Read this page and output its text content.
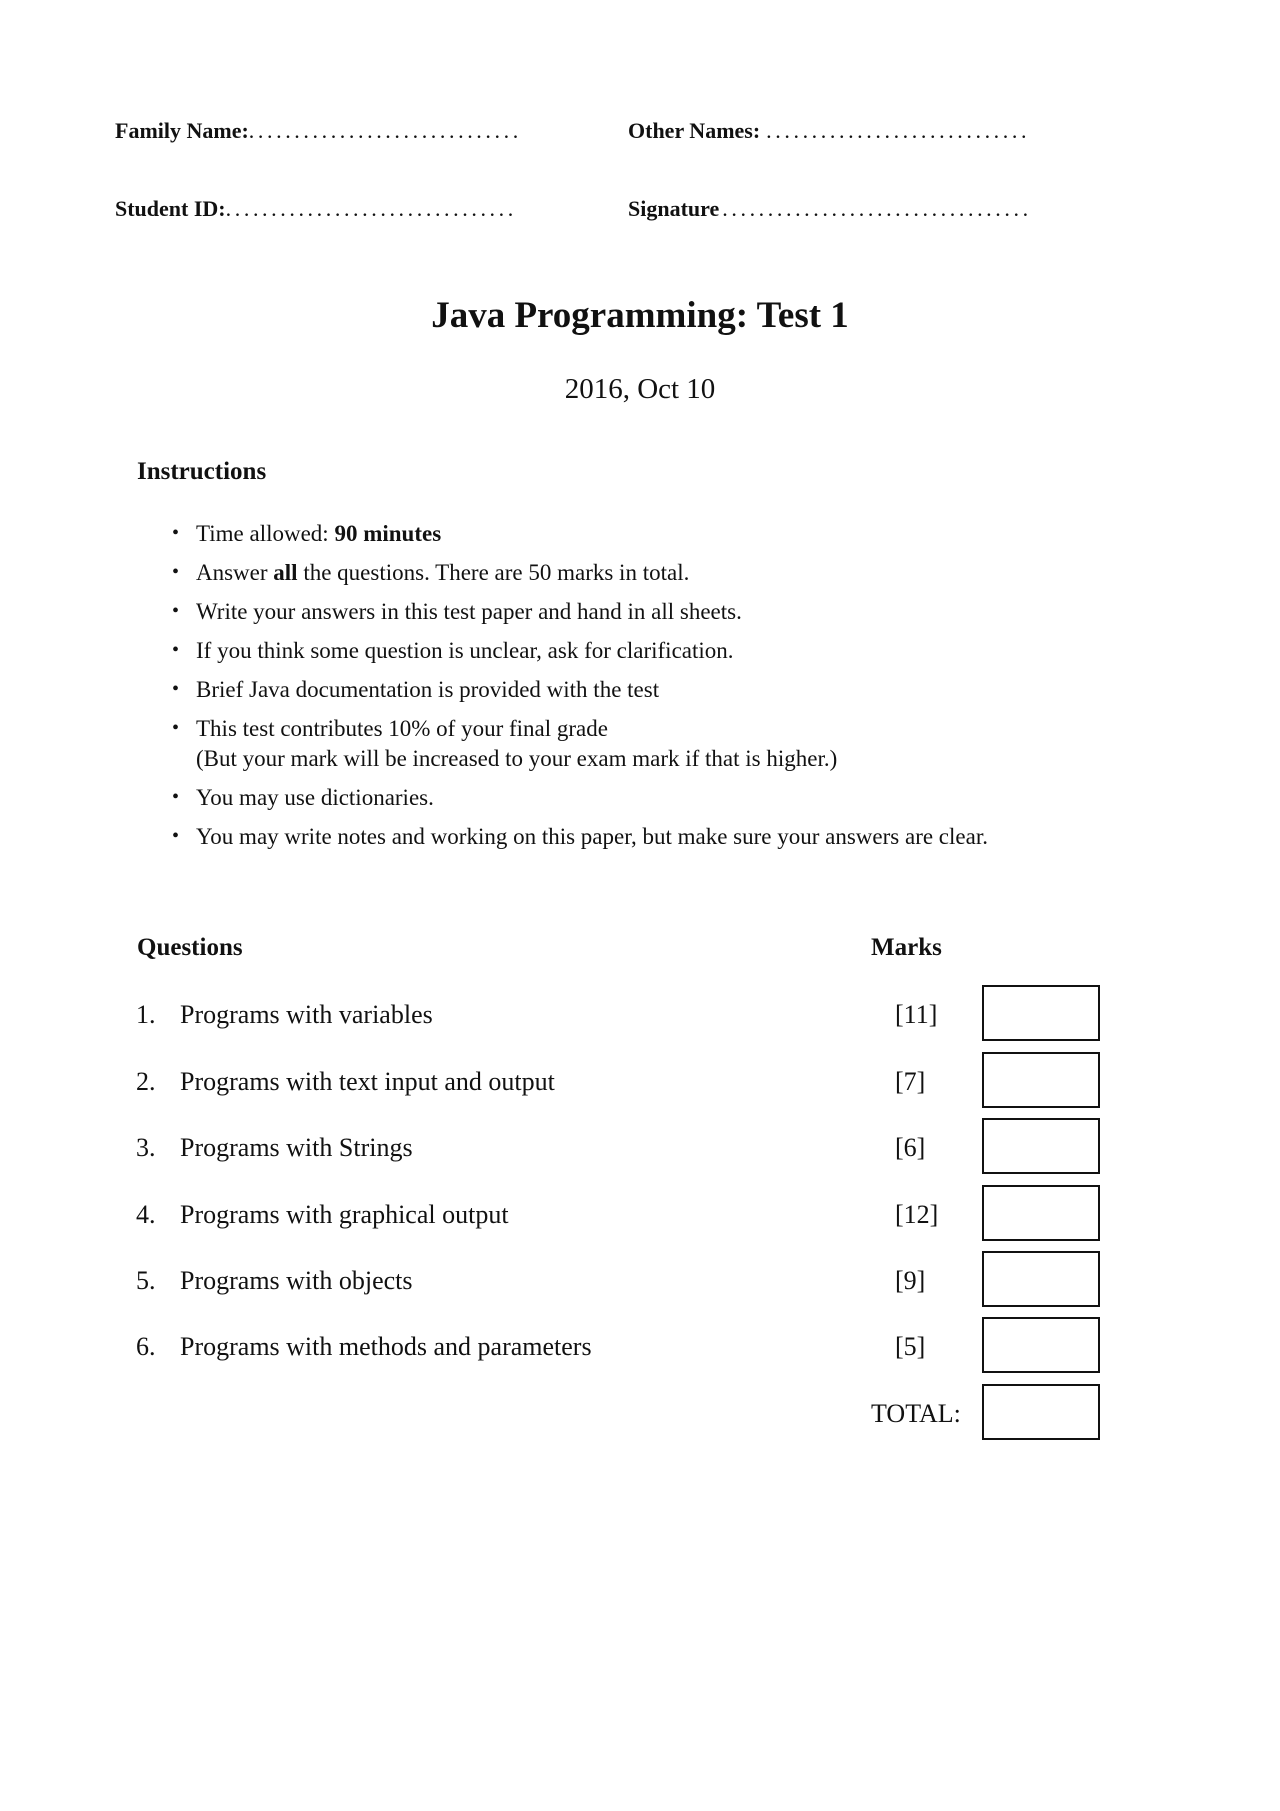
Family Name:..............................	Other Names: .............................
Student ID:................................	Signature ..................................
Java Programming: Test 1
2016, Oct 10
Instructions
• Time allowed: 90 minutes
• Answer all the questions. There are 50 marks in total.
• Write your answers in this test paper and hand in all sheets.
• If you think some question is unclear, ask for clarification.
• Brief Java documentation is provided with the test
• This test contributes 10% of your final grade
(But your mark will be increased to your exam mark if that is higher.)
• You may use dictionaries.
• You may write notes and working on this paper, but make sure your answers are clear.
Questions	Marks
1. Programs with variables	[11]
2. Programs with text input and output	[7]
3. Programs with Strings	[6]
4. Programs with graphical output	[12]
5. Programs with objects	[9]
6. Programs with methods and parameters	[5]
TOTAL:
